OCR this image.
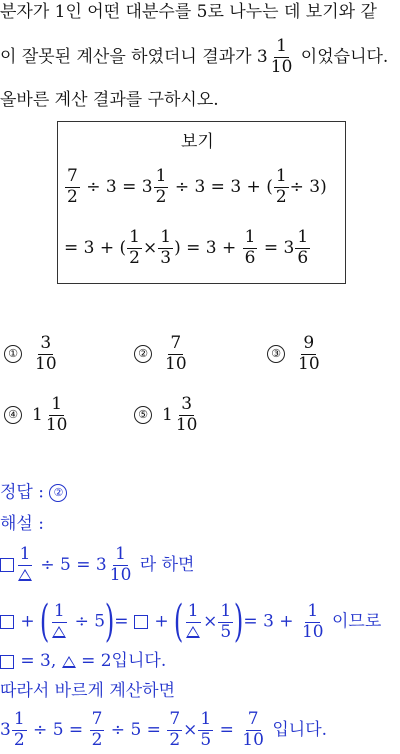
분자가 1인 어떤 대분수를 5로 나누는 데 보기와 같
이 잘못된 계산을 하였더니 결과가 $3 \frac{1}{10}$ 이었습니다.
올바른 계산 결과를 구하시오.
보기
$\frac{7}{2} \div 3 = 3 \frac{1}{2} \div 3 = 3$ + ( $\frac{1}{2} \div 3$)
= 3 + ( $\frac{1}{2} \times \frac{1}{3}$ ) = $3 + \frac{1}{6} = 3 \frac{1}{6}$
① $\frac{3}{10}$	② $\frac{7}{10}$	③ $\frac{9}{10}$
④ $1 \frac{1}{10}$	⑤ $1 \frac{3}{10}$
정답 : ②
해설 :
1
÷ $5 = 3 \frac{1}{10}$ 라 하면
+ ( 1
÷ 5)=  + ( 1
× $\frac{1}{5}$ )= $3 + \frac{1}{10}$ 이므로
= 3, = 2입니다.
따라서 바르게 계산하면
$3 \frac{1}{2} \div 5 = \frac{7}{2} \div 5 = \frac{7}{2} \times \frac{1}{5} = \frac{7}{10}$ 입니다.
